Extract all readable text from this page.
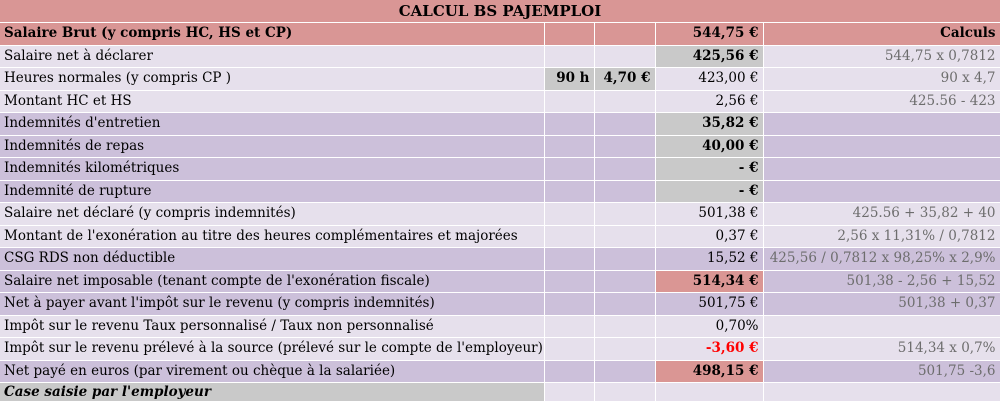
CALCUL BS PAJEMPLOI
Salaire Brut (y compris HC, HS et CP)			544,75 €	Calculs
Salaire net à déclarer			425,56 €	544,75 x 0,7812
Heures normales (y compris CP )	90 h	4,70 €	423,00 €	90 x 4,7
Montant HC et HS			2,56 €	425.56 - 423
Indemnités d'entretien			35,82 €	
Indemnités de repas			40,00 €	
Indemnités kilométriques			- €	
Indemnité de rupture			- €	
Salaire net déclaré (y compris indemnités)			501,38 €	425.56 + 35,82 + 40
Montant de l'exonération au titre des heures complémentaires et majorées			0,37 €	2,56 x 11,31% / 0,7812
CSG RDS non déductible			15,52 €	425,56 / 0,7812 x 98,25% x 2,9%
Salaire net imposable (tenant compte de l'exonération fiscale)			514,34 €	501,38 - 2,56 + 15,52
Net à payer avant l'impôt sur le revenu (y compris indemnités)			501,75 €	501,38 + 0,37
Impôt sur le revenu Taux personnalisé / Taux non personnalisé			0,70%	
Impôt sur le revenu prélevé à la source (prélevé sur le compte de l'employeur)			-3,60 €	514,34 x 0,7%
Net payé en euros (par virement ou chèque à la salariée)			498,15 €	501,75 -3,6
Case saisie par l'employeur				
